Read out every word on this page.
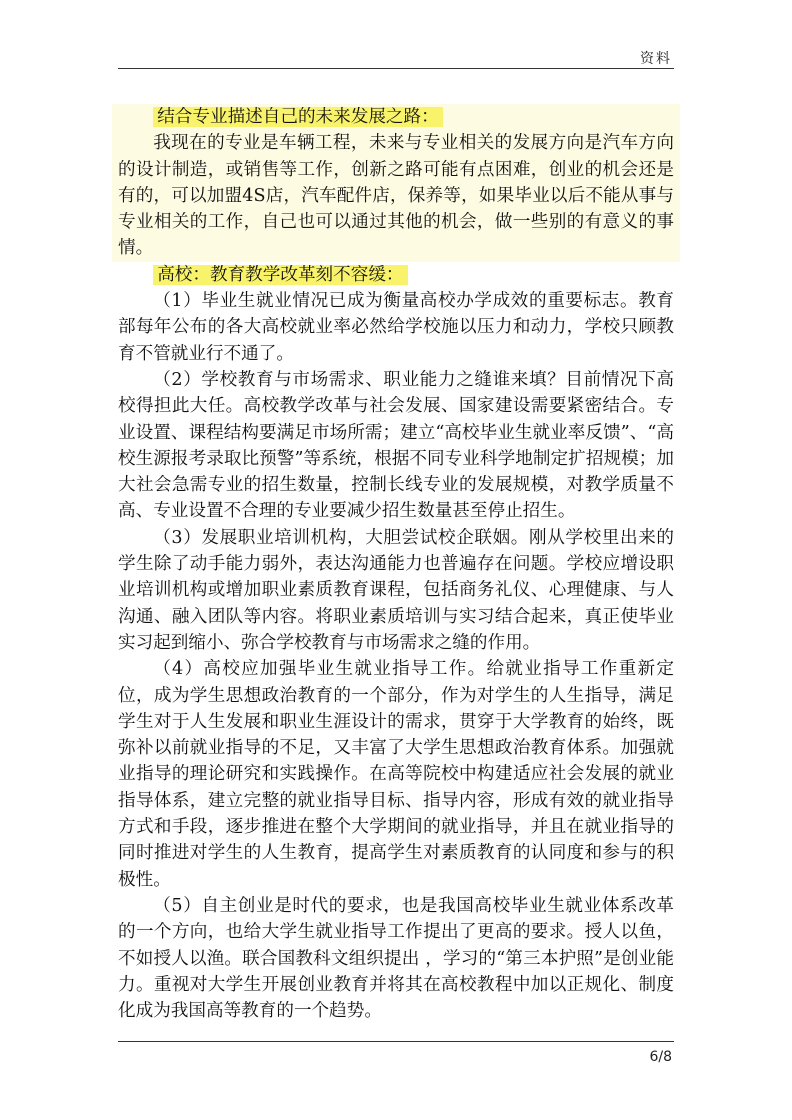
资料

结合专业描述自己的未来发展之路：

我现在的专业是车辆工程，未来与专业相关的发展方向是汽车方向的设计制造，或销售等工作，创新之路可能有点困难，创业的机会还是有的，可以加盟4S店，汽车配件店，保养等，如果毕业以后不能从事与专业相关的工作，自己也可以通过其他的机会，做一些别的有意义的事情。

高校：教育教学改革刻不容缓：

（1）毕业生就业情况已成为衡量高校办学成效的重要标志。教育部每年公布的各大高校就业率必然给学校施以压力和动力，学校只顾教育不管就业行不通了。

（2）学校教育与市场需求、职业能力之缝谁来填？目前情况下高校得担此大任。高校教学改革与社会发展、国家建设需要紧密结合。专业设置、课程结构要满足市场所需；建立“高校毕业生就业率反馈”、“高校生源报考录取比预警”等系统，根据不同专业科学地制定扩招规模；加大社会急需专业的招生数量，控制长线专业的发展规模，对教学质量不高、专业设置不合理的专业要减少招生数量甚至停止招生。

（3）发展职业培训机构，大胆尝试校企联姻。刚从学校里出来的学生除了动手能力弱外，表达沟通能力也普遍存在问题。学校应增设职业培训机构或增加职业素质教育课程，包括商务礼仪、心理健康、与人沟通、融入团队等内容。将职业素质培训与实习结合起来，真正使毕业实习起到缩小、弥合学校教育与市场需求之缝的作用。

（4）高校应加强毕业生就业指导工作。给就业指导工作重新定位，成为学生思想政治教育的一个部分，作为对学生的人生指导，满足学生对于人生发展和职业生涯设计的需求，贯穿于大学教育的始终，既弥补以前就业指导的不足，又丰富了大学生思想政治教育体系。加强就业指导的理论研究和实践操作。在高等院校中构建适应社会发展的就业指导体系，建立完整的就业指导目标、指导内容，形成有效的就业指导方式和手段，逐步推进在整个大学期间的就业指导，并且在就业指导的同时推进对学生的人生教育，提高学生对素质教育的认同度和参与的积极性。

（5）自主创业是时代的要求，也是我国高校毕业生就业体系改革的一个方向，也给大学生就业指导工作提出了更高的要求。授人以鱼，不如授人以渔。联合国教科文组织提出 ，学习的“第三本护照”是创业能力。重视对大学生开展创业教育并将其在高校教程中加以正规化、制度化成为我国高等教育的一个趋势。

6/8
